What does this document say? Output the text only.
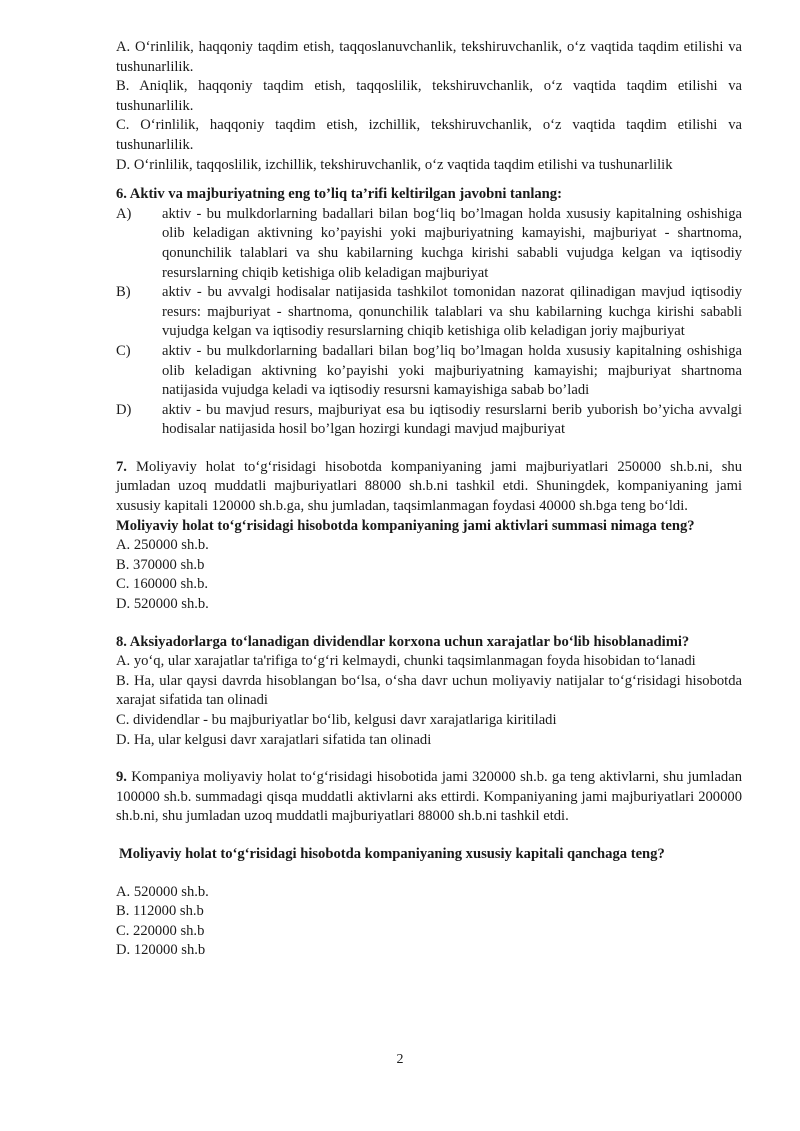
A. O‘rinlilik, haqqoniy taqdim etish, taqqoslanuvchanlik, tekshiruvchanlik, o‘z vaqtida taqdim etilishi va tushunarlilik.

B. Aniqlik, haqqoniy taqdim etish, taqqoslilik, tekshiruvchanlik, o‘z vaqtida taqdim etilishi va tushunarlilik.

C. O‘rinlilik, haqqoniy taqdim etish, izchillik, tekshiruvchanlik, o‘z vaqtida taqdim etilishi va tushunarlilik.

D. O‘rinlilik, taqqoslilik, izchillik, tekshiruvchanlik, o‘z vaqtida taqdim etilishi va tushunarlilik

6. Aktiv va majburiyatning eng to’liq ta’rifi keltirilgan javobni tanlang:

A)	aktiv - bu mulkdorlarning badallari bilan bog‘liq bo’lmagan holda xususiy kapitalning oshishiga olib keladigan aktivning ko’payishi yoki majburiyatning kamayishi, majburiyat - shartnoma, qonunchilik talablari va shu kabilarning kuchga kirishi sababli vujudga kelgan va iqtisodiy resurslarning chiqib ketishiga olib keladigan majburiyat
B)	aktiv - bu avvalgi hodisalar natijasida tashkilot tomonidan nazorat qilinadigan mavjud iqtisodiy resurs: majburiyat - shartnoma, qonunchilik talablari va shu kabilarning kuchga kirishi sababli vujudga kelgan va iqtisodiy resurslarning chiqib ketishiga olib keladigan joriy majburiyat
C)	aktiv - bu mulkdorlarning badallari bilan bog’liq bo’lmagan holda xususiy kapitalning oshishiga olib keladigan aktivning ko’payishi yoki majburiyatning kamayishi; majburiyat shartnoma natijasida vujudga keladi va iqtisodiy resursni kamayishiga sabab bo’ladi
D)	aktiv - bu mavjud resurs, majburiyat esa bu iqtisodiy resurslarni berib yuborish bo’yicha avvalgi hodisalar natijasida hosil bo’lgan hozirgi kundagi mavjud majburiyat

7. Moliyaviy holat to‘g‘risidagi hisobotda kompaniyaning jami majburiyatlari 250000 sh.b.ni, shu jumladan uzoq muddatli majburiyatlari 88000 sh.b.ni tashkil etdi. Shuningdek, kompaniyaning jami xususiy kapitali 120000 sh.b.ga, shu jumladan, taqsimlanmagan foydasi 40000 sh.bga teng bo‘ldi.

Moliyaviy holat to‘g‘risidagi hisobotda kompaniyaning jami aktivlari summasi nimaga teng?

A. 250000 sh.b.

B. 370000 sh.b

C. 160000 sh.b.

D. 520000 sh.b.

8. Aksiyadorlarga to‘lanadigan dividendlar korxona uchun xarajatlar bo‘lib hisoblanadimi?

A. yo‘q, ular xarajatlar ta'rifiga to‘g‘ri kelmaydi, chunki taqsimlanmagan foyda hisobidan to‘lanadi

B. Ha, ular qaysi davrda hisoblangan bo‘lsa, o‘sha davr uchun moliyaviy natijalar to‘g‘risidagi hisobotda xarajat sifatida tan olinadi

C. dividendlar - bu majburiyatlar bo‘lib, kelgusi davr xarajatlariga kiritiladi

D. Ha, ular kelgusi davr xarajatlari sifatida tan olinadi

9. Kompaniya moliyaviy holat to‘g‘risidagi hisobotida jami 320000 sh.b. ga teng aktivlarni, shu jumladan 100000 sh.b. summadagi qisqa muddatli aktivlarni aks ettirdi. Kompaniyaning jami majburiyatlari 200000 sh.b.ni, shu jumladan uzoq muddatli majburiyatlari 88000 sh.b.ni tashkil etdi.

Moliyaviy holat to‘g‘risidagi hisobotda kompaniyaning xususiy kapitali qanchaga teng?

A. 520000 sh.b.

B. 112000 sh.b

C. 220000 sh.b

D. 120000 sh.b

2
